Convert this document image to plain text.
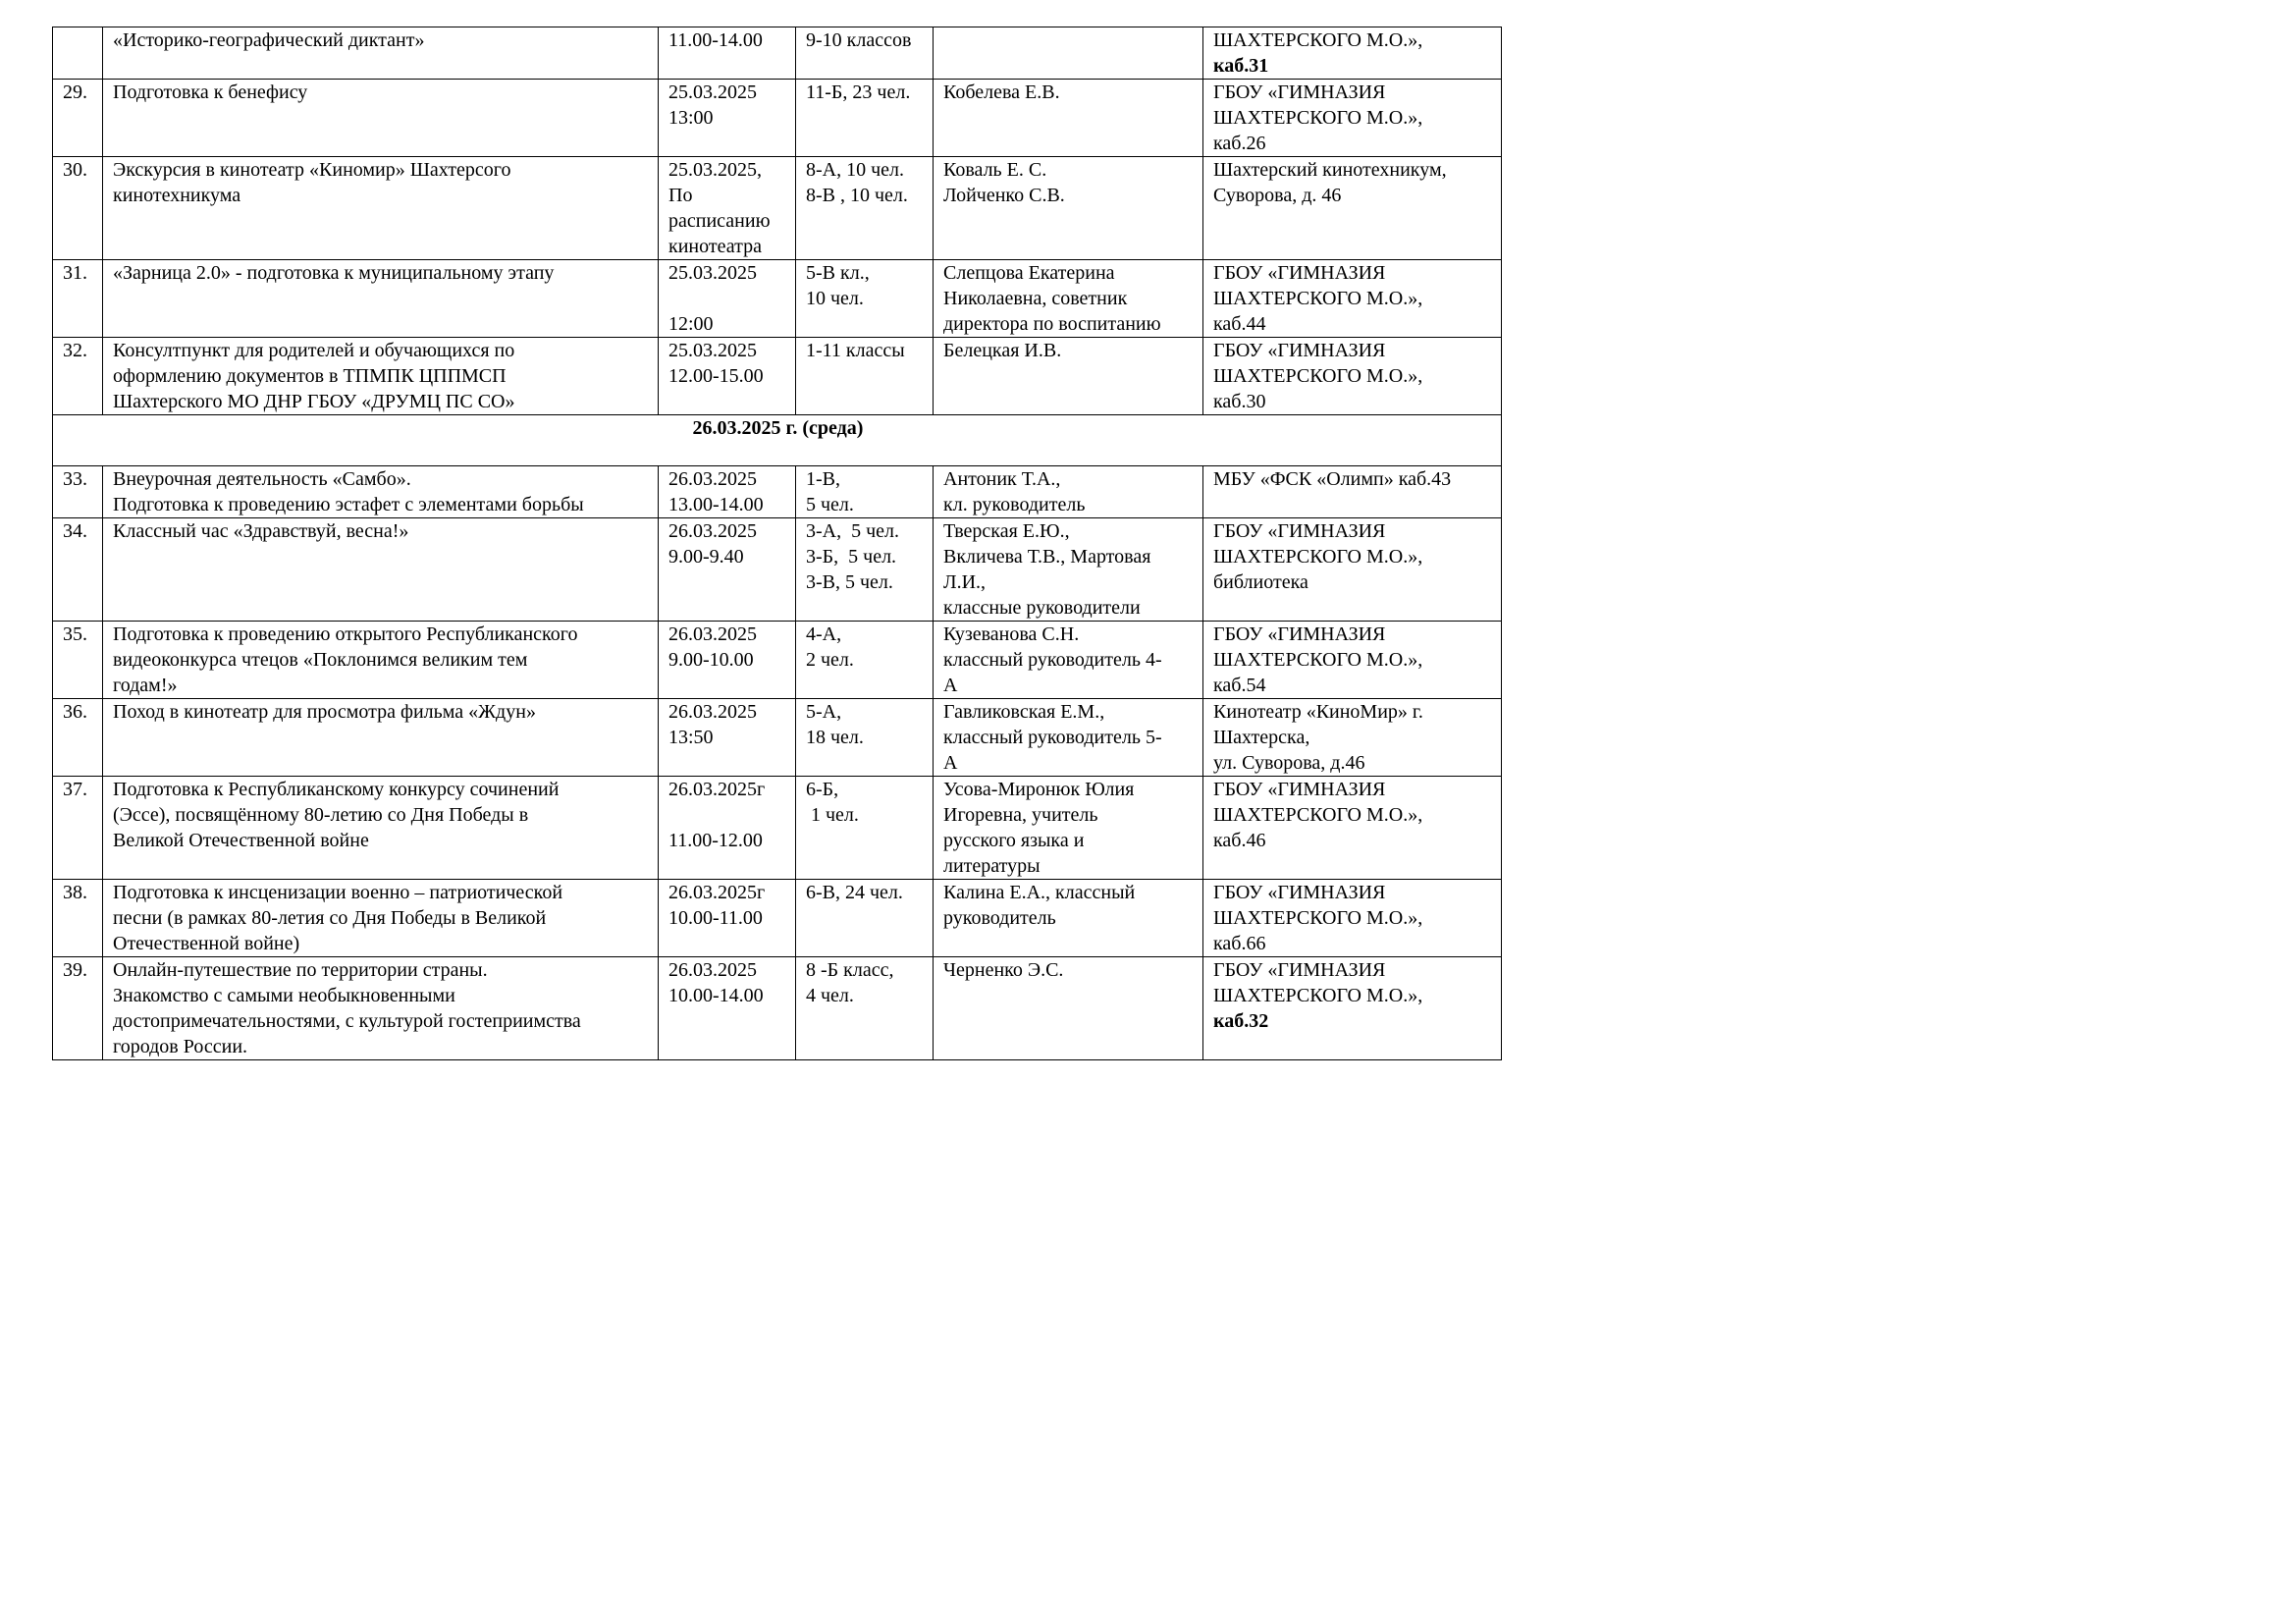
	«Историко-географический диктант»	11.00-14.00	9-10 классов		ШАХТЕРСКОГО М.О.»,
каб.31

29.	Подготовка к бенефису	25.03.2025
13:00	11-Б, 23 чел.	Кобелева Е.В.	ГБОУ «ГИМНАЗИЯ
ШАХТЕРСКОГО М.О.»,
каб.26

30.	Экскурсия в кинотеатр «Киномир» Шахтерсого
кинотехникума	25.03.2025,
По
расписанию
кинотеатра	8-А, 10 чел.
8-В , 10 чел.	Коваль Е. С.
Лойченко С.В.	Шахтерский кинотехникум,
Суворова, д. 46

31.	«Зарница 2.0» - подготовка к муниципальному этапу	25.03.2025

12:00	5-В кл.,
10 чел.	Слепцова Екатерина
Николаевна, советник
директора по воспитанию	ГБОУ «ГИМНАЗИЯ
ШАХТЕРСКОГО М.О.»,
каб.44

32.	Консултпункт для родителей и обучающихся по
оформлению документов в ТПМПК ЦППМСП
Шахтерского МО ДНР ГБОУ «ДРУМЦ ПС СО»	25.03.2025
12.00-15.00	1-11 классы	Белецкая И.В.	ГБОУ «ГИМНАЗИЯ
ШАХТЕРСКОГО М.О.»,
каб.30

26.03.2025 г. (среда)					
33.	Внеурочная деятельность «Самбо».
Подготовка к проведению эстафет с элементами борьбы	26.03.2025
13.00-14.00	1-В,
5 чел.	Антоник Т.А.,
кл. руководитель	МБУ «ФСК «Олимп» каб.43

34.	Классный час «Здравствуй, весна!»	26.03.2025
9.00-9.40	3-А,  5 чел.
3-Б,  5 чел.
3-В, 5 чел.	Тверская Е.Ю.,
Вкличева Т.В., Мартовая
Л.И.,
классные руководители	ГБОУ «ГИМНАЗИЯ
ШАХТЕРСКОГО М.О.»,
библиотека

35.	Подготовка к проведению открытого Республиканского
видеоконкурса чтецов «Поклонимся великим тем
годам!»	26.03.2025
9.00-10.00	4-А,
2 чел.	Кузеванова С.Н.
классный руководитель 4-
А	ГБОУ «ГИМНАЗИЯ
ШАХТЕРСКОГО М.О.»,
каб.54

36.	Поход в кинотеатр для просмотра фильма «Ждун»	26.03.2025
13:50	5-А,
18 чел.	Гавликовская Е.М.,
классный руководитель 5-
А	Кинотеатр «КиноМир» г.
Шахтерска,
ул. Суворова, д.46

37.	Подготовка к Республиканскому конкурсу сочинений
(Эссе), посвящённому 80-летию со Дня Победы в
Великой Отечественной войне	26.03.2025г

11.00-12.00	6-Б,
1 чел.	Усова-Миронюк Юлия
Игоревна, учитель
русского языка и
литературы	ГБОУ «ГИМНАЗИЯ
ШАХТЕРСКОГО М.О.»,
каб.46

38.	Подготовка к инсценизации военно – патриотической
песни (в рамках 80-летия со Дня Победы в Великой
Отечественной войне)	26.03.2025г
10.00-11.00	6-В, 24 чел.	Калина Е.А., классный
руководитель	ГБОУ «ГИМНАЗИЯ
ШАХТЕРСКОГО М.О.»,
каб.66

39.	Онлайн-путешествие по территории страны.
Знакомство с самыми необыкновенными
достопримечательностями, с культурой гостеприимства
городов России.	26.03.2025
10.00-14.00	8 -Б класс,
4 чел.	Черненко Э.С.	ГБОУ «ГИМНАЗИЯ
ШАХТЕРСКОГО М.О.»,
каб.32
